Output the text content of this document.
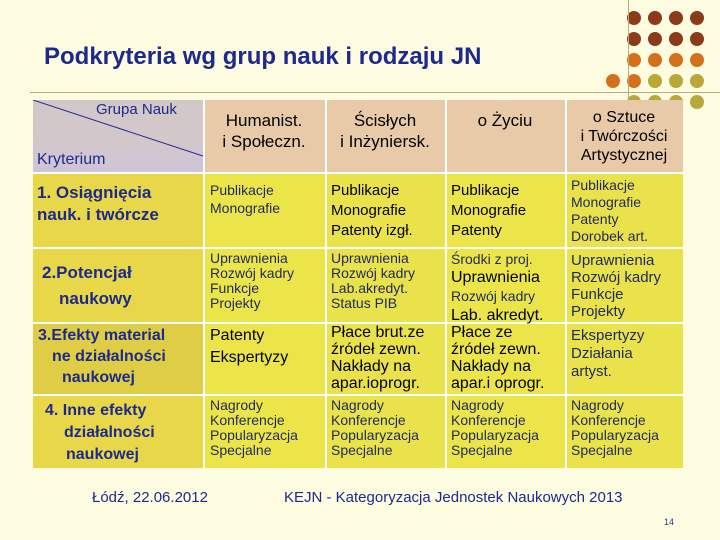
Podkryteria wg grup nauk i rodzaju JN
Grupa Nauk
Kryterium
Humanist.
i Społeczn.
Ścisłych
i Inżyniersk.
o Życiu	o Sztuce
i Twórczości
Artystycznej
1. Osiągnięcia
nauk. i twórcze
2.Potencjał
naukowy
3.Efekty material
ne działalności
naukowej
4. Inne efekty
działalności
naukowej
Publikacje
Monografie
Publikacje
Monografie
Patenty izgł.
Publikacje
Monografie
Patenty
Publikacje
Monografie
Patenty
Dorobek art.
Uprawnienia
Rozwój kadry
Funkcje
Projekty
Uprawnienia
Rozwój kadry
Lab.akredyt.
Status PIB
Środki z proj.
Uprawnienia
Rozwój kadry
Lab. akredyt.
Uprawnienia
Rozwój kadry
Funkcje
Projekty
Patenty
Ekspertyzy
Płace brut.ze
źródeł zewn.
Nakłady na
apar.ioprogr.
Płace ze
źródeł zewn.
Nakłady na
apar.i oprogr.
Ekspertyzy
Działania
artyst.
Nagrody
Konferencje
Popularyzacja
Specjalne
Nagrody
Konferencje
Popularyzacja
Specjalne
Nagrody
Konferencje
Popularyzacja
Specjalne
Nagrody
Konferencje
Popularyzacja
Specjalne
Łódź, 22.06.2012	KEJN - Kategoryzacja Jednostek Naukowych 2013
14
